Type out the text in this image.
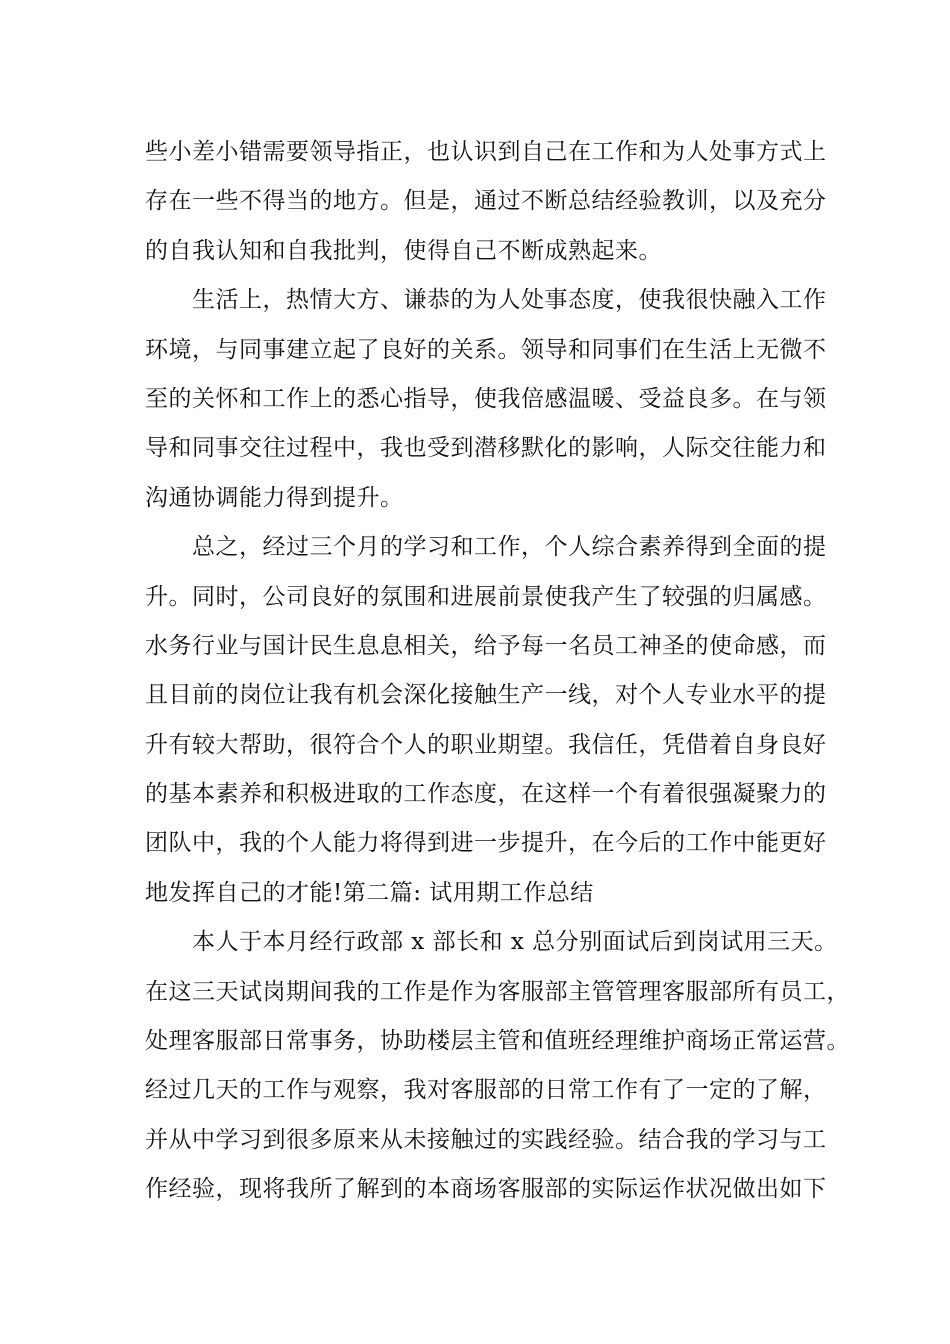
些小差小错需要领导指正，也认识到自己在工作和为人处事方式上
存在一些不得当的地方。但是，通过不断总结经验教训，以及充分
的自我认知和自我批判，使得自己不断成熟起来。
　　生活上，热情大方、谦恭的为人处事态度，使我很快融入工作
环境，与同事建立起了良好的关系。领导和同事们在生活上无微不
至的关怀和工作上的悉心指导，使我倍感温暖、受益良多。在与领
导和同事交往过程中，我也受到潜移默化的影响，人际交往能力和
沟通协调能力得到提升。
　　总之，经过三个月的学习和工作，个人综合素养得到全面的提
升。同时，公司良好的氛围和进展前景使我产生了较强的归属感。
水务行业与国计民生息息相关，给予每一名员工神圣的使命感，而
且目前的岗位让我有机会深化接触生产一线，对个人专业水平的提
升有较大帮助，很符合个人的职业期望。我信任，凭借着自身良好
的基本素养和积极进取的工作态度，在这样一个有着很强凝聚力的
团队中，我的个人能力将得到进一步提升，在今后的工作中能更好
地发挥自己的才能!第二篇: 试用期工作总结
　　本人于本月经行政部 x 部长和 x 总分别面试后到岗试用三天。
在这三天试岗期间我的工作是作为客服部主管管理客服部所有员工，
处理客服部日常事务，协助楼层主管和值班经理维护商场正常运营。
经过几天的工作与观察，我对客服部的日常工作有了一定的了解，
并从中学习到很多原来从未接触过的实践经验。结合我的学习与工
作经验，现将我所了解到的本商场客服部的实际运作状况做出如下
